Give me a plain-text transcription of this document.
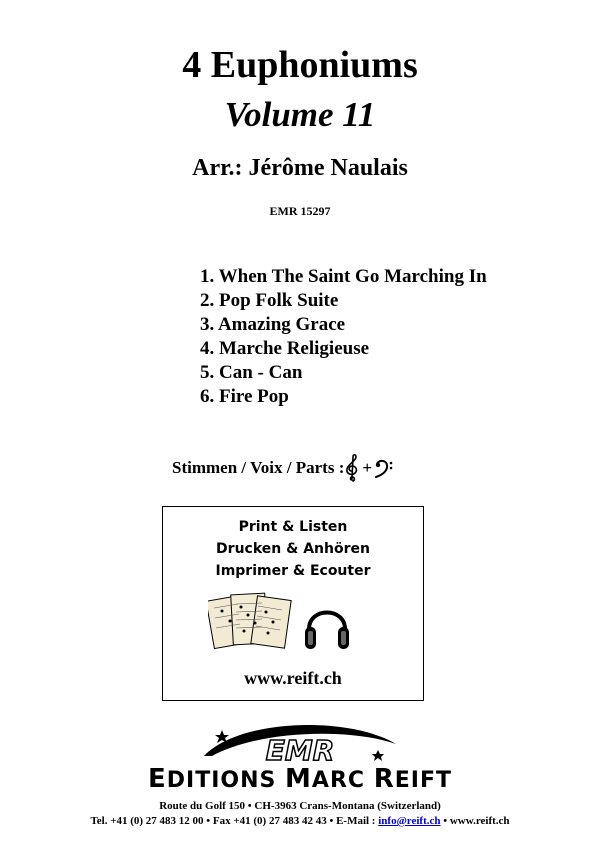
4 Euphoniums
Volume 11
Arr.: Jérôme Naulais
EMR 15297
1. When The Saint Go Marching In
2. Pop Folk Suite
3. Amazing Grace
4. Marche Religieuse
5. Can - Can
6. Fire Pop
Stimmen / Voix / Parts : +
Print & Listen
Drucken & Anhören
Imprimer & Ecouter
www.reift.ch
EMR
EDITIONS MARC REIFT
Route du Golf 150 • CH-3963 Crans-Montana (Switzerland)
Tel. +41 (0) 27 483 12 00 • Fax +41 (0) 27 483 42 43 • E-Mail : info@reift.ch • www.reift.ch
